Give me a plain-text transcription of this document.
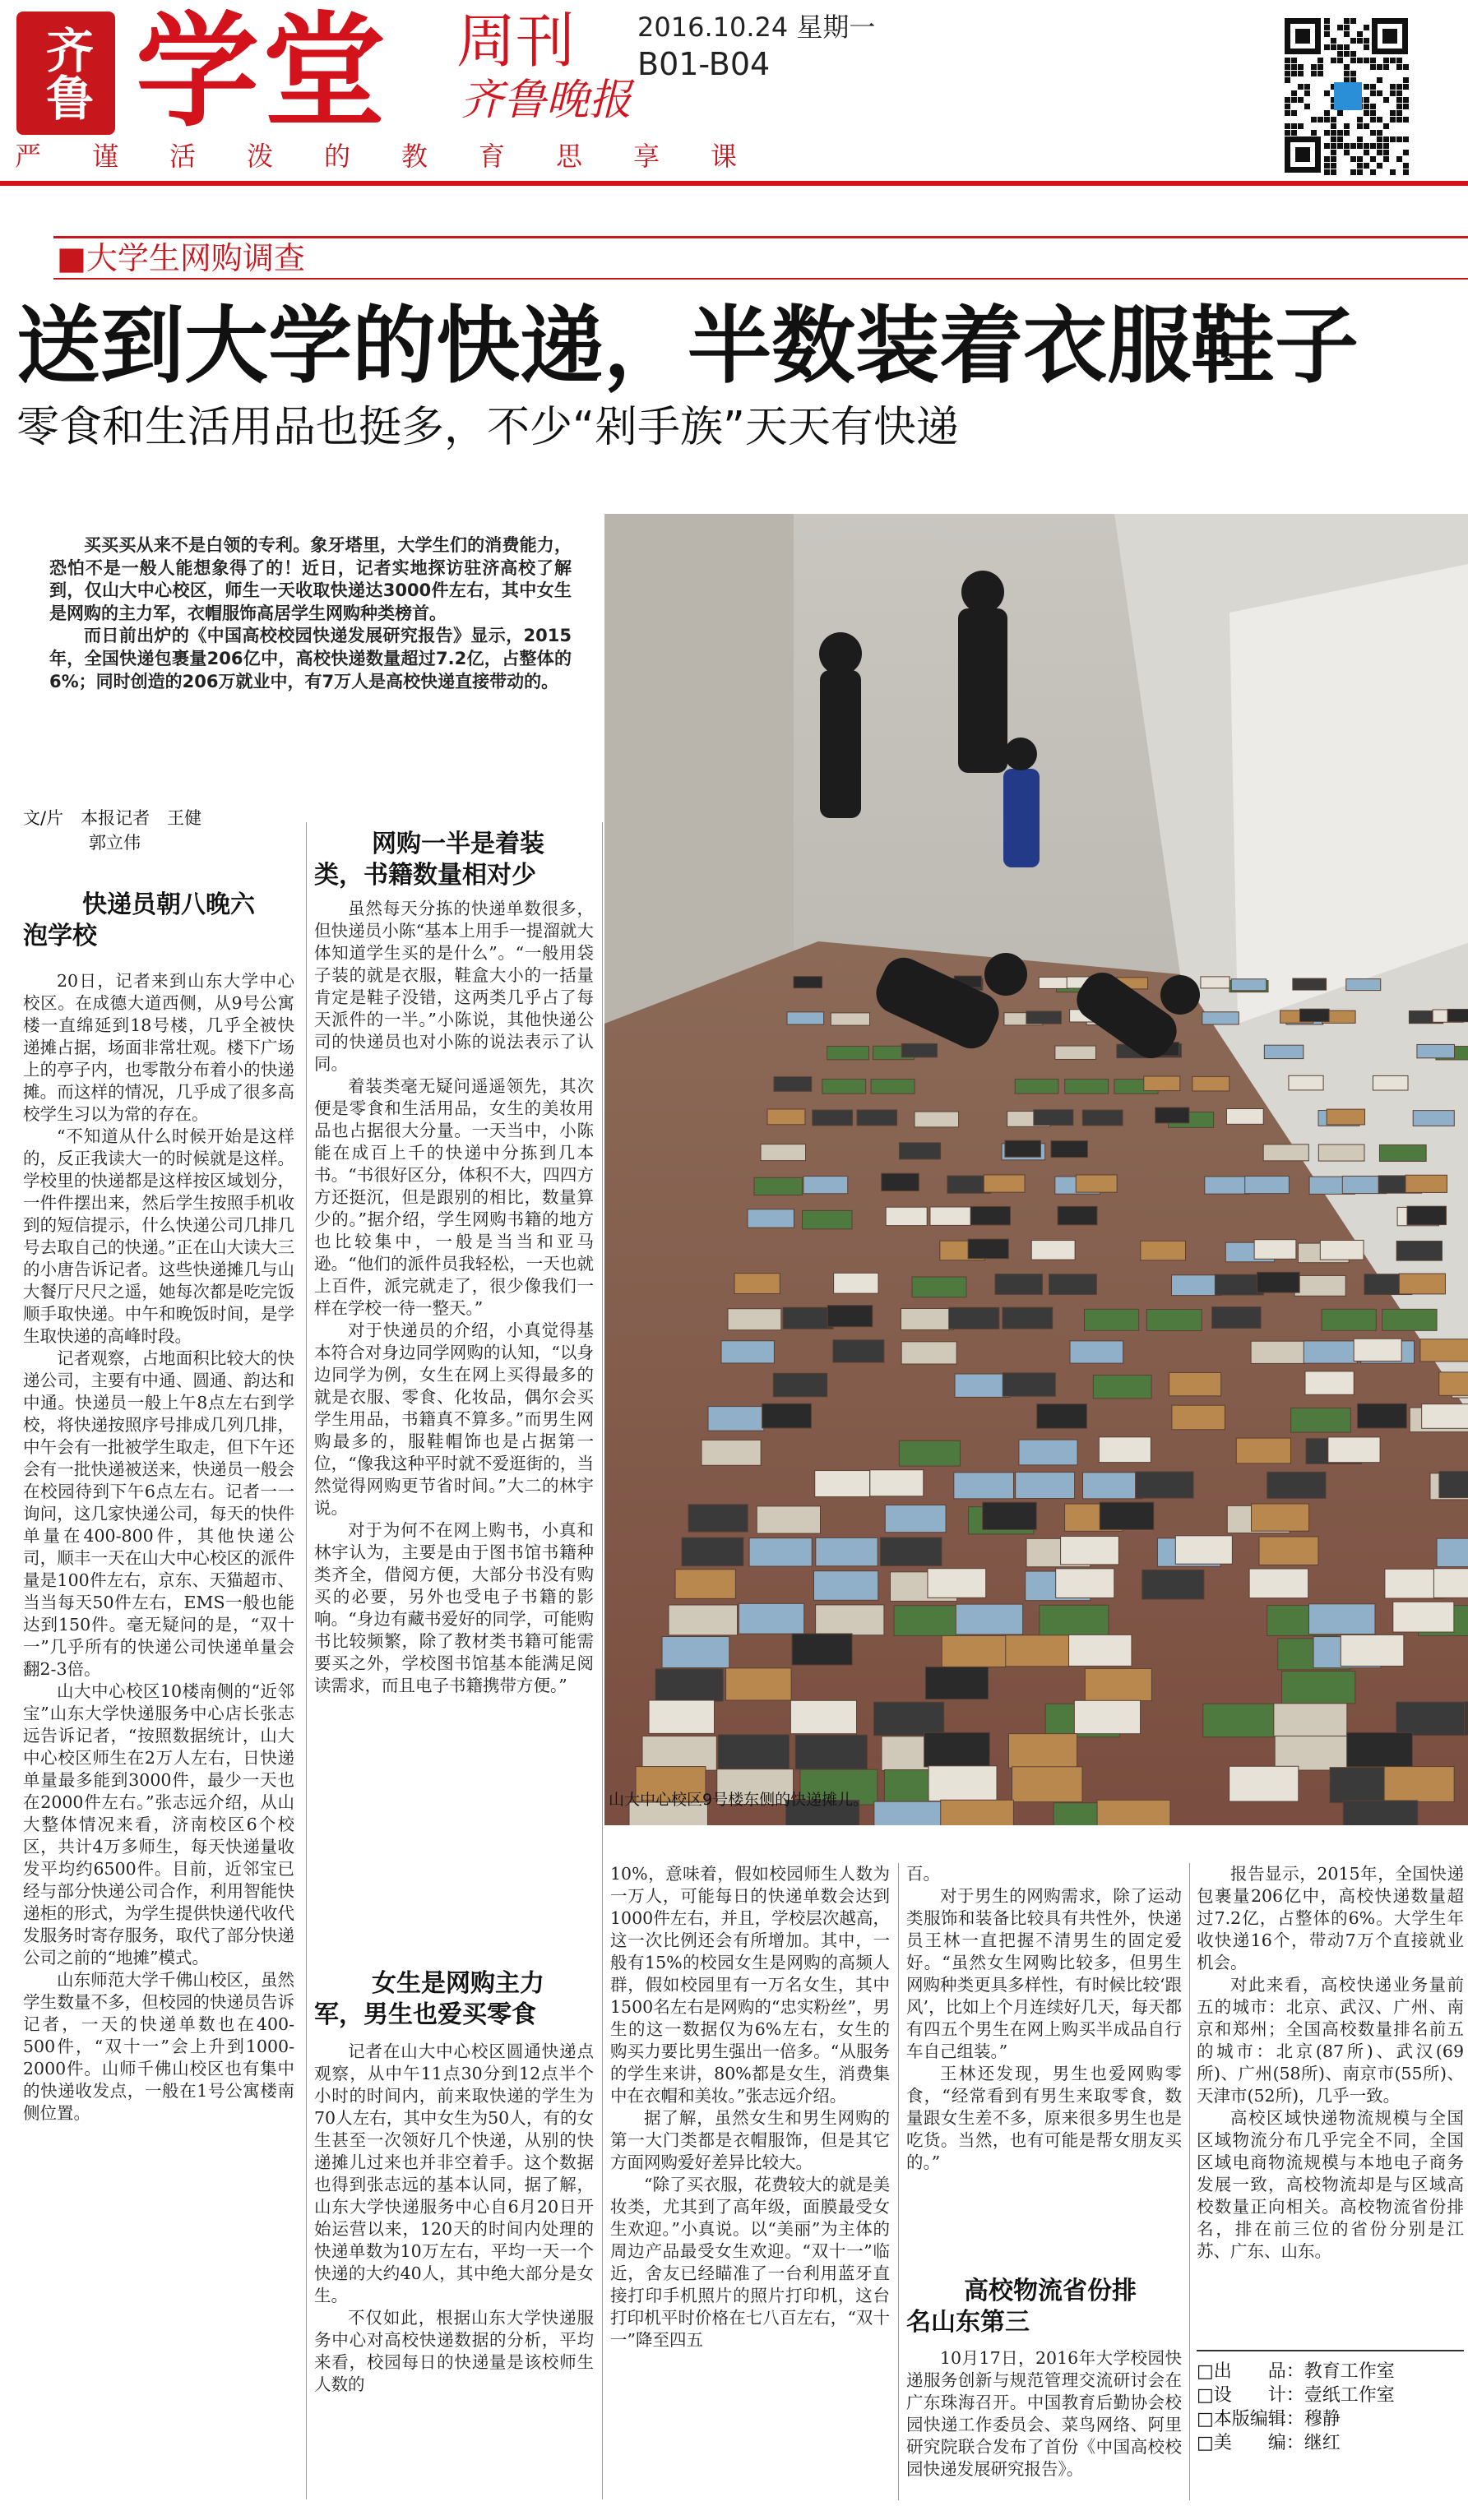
齐鲁 学堂 周刊
齐鲁晚报
2016.10.24 星期一
B01-B04
严谨活泼的教育思享课
■大学生网购调查
送到大学的快递，半数装着衣服鞋子
零食和生活用品也挺多，不少“剁手族”天天有快递

买买买从来不是白领的专利。象牙塔里，大学生们的消费能力，恐怕不是一般人能想象得了的！近日，记者实地探访驻济高校了解到，仅山大中心校区，师生一天收取快递达3000件左右，其中女生是网购的主力军，衣帽服饰高居学生网购种类榜首。

而日前出炉的《中国高校校园快递发展研究报告》显示，2015年，全国快递包裹量206亿中，高校快递数量超过7.2亿，占整体的6%；同时创造的206万就业中，有7万人是高校快递直接带动的。

文/片　本报记者　王健
郭立伟
快递员朝八晚六
泡学校

20日，记者来到山东大学中心校区。在成德大道西侧，从9号公寓楼一直绵延到18号楼，几乎全被快递摊占据，场面非常壮观。楼下广场上的亭子内，也零散分布着小的快递摊。而这样的情况，几乎成了很多高校学生习以为常的存在。

“不知道从什么时候开始是这样的，反正我读大一的时候就是这样。学校里的快递都是这样按区域划分，一件件摆出来，然后学生按照手机收到的短信提示，什么快递公司几排几号去取自己的快递。”正在山大读大三的小唐告诉记者。这些快递摊几与山大餐厅尺尺之遥，她每次都是吃完饭顺手取快递。中午和晚饭时间，是学生取快递的高峰时段。

记者观察，占地面积比较大的快递公司，主要有中通、圆通、韵达和中通。快递员一般上午8点左右到学校，将快递按照序号排成几列几排，中午会有一批被学生取走，但下午还会有一批快递被送来，快递员一般会在校园待到下午6点左右。记者一一询问，这几家快递公司，每天的快件单量在400-800件，其他快递公司，顺丰一天在山大中心校区的派件量是100件左右，京东、天猫超市、当当每天50件左右，EMS一般也能达到150件。毫无疑问的是，“双十一”几乎所有的快递公司快递单量会翻2-3倍。

山大中心校区10楼南侧的“近邻宝”山东大学快递服务中心店长张志远告诉记者，“按照数据统计，山大中心校区师生在2万人左右，日快递单量最多能到3000件，最少一天也在2000件左右。”张志远介绍，从山大整体情况来看，济南校区6个校区，共计4万多师生，每天快递量收发平均约6500件。目前，近邻宝已经与部分快递公司合作，利用智能快递柜的形式，为学生提供快递代收代发服务时寄存服务，取代了部分快递公司之前的“地摊”模式。

山东师范大学千佛山校区，虽然学生数量不多，但校园的快递员告诉记者，一天的快递单数也在400-500件，“双十一”会上升到1000-2000件。山师千佛山校区也有集中的快递收发点，一般在1号公寓楼南侧位置。

网购一半是着装
类，书籍数量相对少

虽然每天分拣的快递单数很多，但快递员小陈“基本上用手一提溜就大体知道学生买的是什么”。“一般用袋子装的就是衣服，鞋盒大小的一括量肯定是鞋子没错，这两类几乎占了每天派件的一半。”小陈说，其他快递公司的快递员也对小陈的说法表示了认同。

着装类毫无疑问遥遥领先，其次便是零食和生活用品，女生的美妆用品也占据很大分量。一天当中，小陈能在成百上千的快递中分拣到几本书。“书很好区分，体积不大，四四方方还挺沉，但是跟别的相比，数量算少的。”据介绍，学生网购书籍的地方也比较集中，一般是当当和亚马逊。“他们的派件员我轻松，一天也就上百件，派完就走了，很少像我们一样在学校一待一整天。”

对于快递员的介绍，小真觉得基本符合对身边同学网购的认知，“以身边同学为例，女生在网上买得最多的就是衣服、零食、化妆品，偶尔会买学生用品，书籍真不算多。”而男生网购最多的，服鞋帽饰也是占据第一位，“像我这种平时就不爱逛街的，当然觉得网购更节省时间。”大二的林宇说。

对于为何不在网上购书，小真和林宇认为，主要是由于图书馆书籍种类齐全，借阅方便，大部分书没有购买的必要，另外也受电子书籍的影响。“身边有藏书爱好的同学，可能购书比较频繁，除了教材类书籍可能需要买之外，学校图书馆基本能满足阅读需求，而且电子书籍携带方便。”

女生是网购主力
军，男生也爱买零食

记者在山大中心校区圆通快递点观察，从中午11点30分到12点半个小时的时间内，前来取快递的学生为70人左右，其中女生为50人，有的女生甚至一次领好几个快递，从别的快递摊儿过来也并非空着手。这个数据也得到张志远的基本认同，据了解，山东大学快递服务中心自6月20日开始运营以来，120天的时间内处理的快递单数为10万左右，平均一天一个快递的大约40人，其中绝大部分是女生。

不仅如此，根据山东大学快递服务中心对高校快递数据的分析，平均来看，校园每日的快递量是该校师生人数的

山大中心校区9号楼东侧的快递摊儿。

10%，意味着，假如校园师生人数为一万人，可能每日的快递单数会达到1000件左右，并且，学校层次越高，这一次比例还会有所增加。其中，一般有15%的校园女生是网购的高频人群，假如校园里有一万名女生，其中1500名左右是网购的“忠实粉丝”，男生的这一数据仅为6%左右，女生的购买力要比男生强出一倍多。“从服务的学生来讲，80%都是女生，消费集中在衣帽和美妆。”张志远介绍。

据了解，虽然女生和男生网购的第一大门类都是衣帽服饰，但是其它方面网购爱好差异比较大。

“除了买衣服，花费较大的就是美妆类，尤其到了高年级，面膜最受女生欢迎。”小真说。以“美丽”为主体的周边产品最受女生欢迎。“双十一”临近，舍友已经瞄准了一台利用蓝牙直接打印手机照片的照片打印机，这台打印机平时价格在七八百左右，“双十一”降至四五

百。

对于男生的网购需求，除了运动类服饰和装备比较具有共性外，快递员王林一直把握不清男生的固定爱好。“虽然女生网购比较多，但男生网购种类更具多样性，有时候比较‘跟风’，比如上个月连续好几天，每天都有四五个男生在网上购买半成品自行车自己组装。”

王林还发现，男生也爱网购零食，“经常看到有男生来取零食，数量跟女生差不多，原来很多男生也是吃货。当然，也有可能是帮女朋友买的。”

高校物流省份排
名山东第三

10月17日，2016年大学校园快递服务创新与规范管理交流研讨会在广东珠海召开。中国教育后勤协会校园快递工作委员会、菜鸟网络、阿里研究院联合发布了首份《中国高校校园快递发展研究报告》。

报告显示，2015年，全国快递包裹量206亿中，高校快递数量超过7.2亿，占整体的6%。大学生年收快递16个，带动7万个直接就业机会。

对此来看，高校快递业务量前五的城市：北京、武汉、广州、南京和郑州；全国高校数量排名前五的城市：北京(87所)、武汉(69所)、广州(58所)、南京市(55所)、天津市(52所)，几乎一致。

高校区域快递物流规模与全国区域物流分布几乎完全不同，全国区域电商物流规模与本地电子商务发展一致，高校物流却是与区域高校数量正向相关。高校物流省份排名，排在前三位的省份分别是江苏、广东、山东。

□出　　品：教育工作室
□设　　计：壹纸工作室
□本版编辑：穆静
□美　　编：继红
